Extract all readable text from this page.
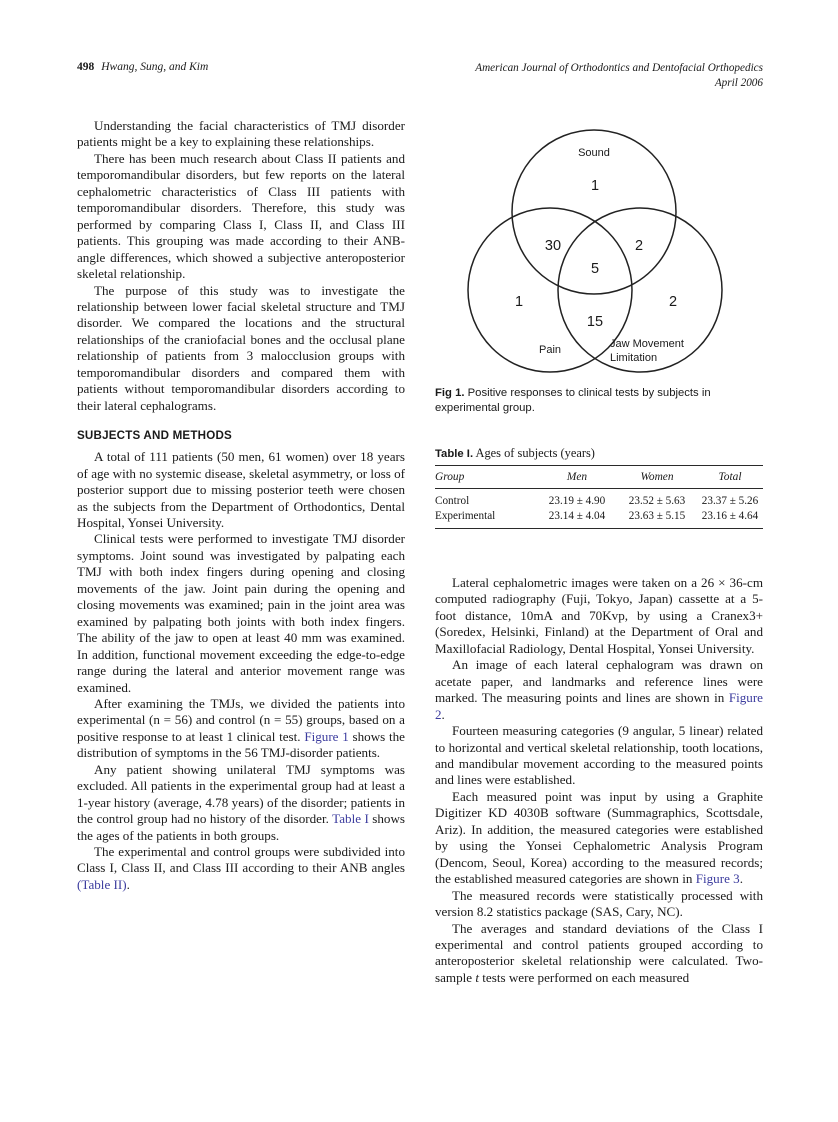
498 Hwang, Sung, and Kim	American Journal of Orthodontics and Dentofacial Orthopedics
April 2006

Understanding the facial characteristics of TMJ disorder patients might be a key to explaining these relationships.

There has been much research about Class II patients and temporomandibular disorders, but few reports on the lateral cephalometric characteristics of Class III patients with temporomandibular disorders. Therefore, this study was performed by comparing Class I, Class II, and Class III patients. This grouping was made according to their ANB-angle differences, which showed a subjective anteroposterior skeletal relationship.

The purpose of this study was to investigate the relationship between lower facial skeletal structure and TMJ disorder. We compared the locations and the structural relationships of the craniofacial bones and the occlusal plane relationship of patients from 3 malocclusion groups with temporomandibular disorders and compared them with patients without temporomandibular disorders according to their lateral cephalograms.

SUBJECTS AND METHODS

A total of 111 patients (50 men, 61 women) over 18 years of age with no systemic disease, skeletal asymmetry, or loss of posterior support due to missing posterior teeth were chosen as the subjects from the Department of Orthodontics, Dental Hospital, Yonsei University.

Clinical tests were performed to investigate TMJ disorder symptoms. Joint sound was investigated by palpating each TMJ with both index fingers during opening and closing movements of the jaw. Joint pain during the opening and closing movements was examined; pain in the joint area was examined by palpating both joints with both index fingers. The ability of the jaw to open at least 40 mm was examined. In addition, functional movement exceeding the edge-to-edge range during the lateral and anterior movement range was examined.

After examining the TMJs, we divided the patients into experimental (n = 56) and control (n = 55) groups, based on a positive response to at least 1 clinical test. Figure 1 shows the distribution of symptoms in the 56 TMJ-disorder patients.

Any patient showing unilateral TMJ symptoms was excluded. All patients in the experimental group had at least a 1-year history (average, 4.78 years) of the disorder; patients in the control group had no history of the disorder. Table I shows the ages of the patients in both groups.

The experimental and control groups were subdivided into Class I, Class II, and Class III according to their ANB angles (Table II).

Sound
Pain	Jaw Movement
Limitation
1
30	2
5
1	2
15
Fig 1. Positive responses to clinical tests by subjects in experimental group.
Table I. Ages of subjects (years)
Group	Men	Women	Total
Control	23.19 ± 4.90	23.52 ± 5.63	23.37 ± 5.26
Experimental	23.14 ± 4.04	23.63 ± 5.15	23.16 ± 4.64

Lateral cephalometric images were taken on a 26 × 36-cm computed radiography (Fuji, Tokyo, Japan) cassette at a 5-foot distance, 10mA and 70Kvp, by using a Cranex3+ (Soredex, Helsinki, Finland) at the Department of Oral and Maxillofacial Radiology, Dental Hospital, Yonsei University.

An image of each lateral cephalogram was drawn on acetate paper, and landmarks and reference lines were marked. The measuring points and lines are shown in Figure 2.

Fourteen measuring categories (9 angular, 5 linear) related to horizontal and vertical skeletal relationship, tooth locations, and mandibular movement according to the measured points and lines were established.

Each measured point was input by using a Graphite Digitizer KD 4030B software (Summagraphics, Scottsdale, Ariz). In addition, the measured categories were established by using the Yonsei Cephalometric Analysis Program (Dencom, Seoul, Korea) according to the measured records; the established measured categories are shown in Figure 3.

The measured records were statistically processed with version 8.2 statistics package (SAS, Cary, NC).

The averages and standard deviations of the Class I experimental and control patients grouped according to anteroposterior skeletal relationship were calculated. Two-sample t tests were performed on each measured
